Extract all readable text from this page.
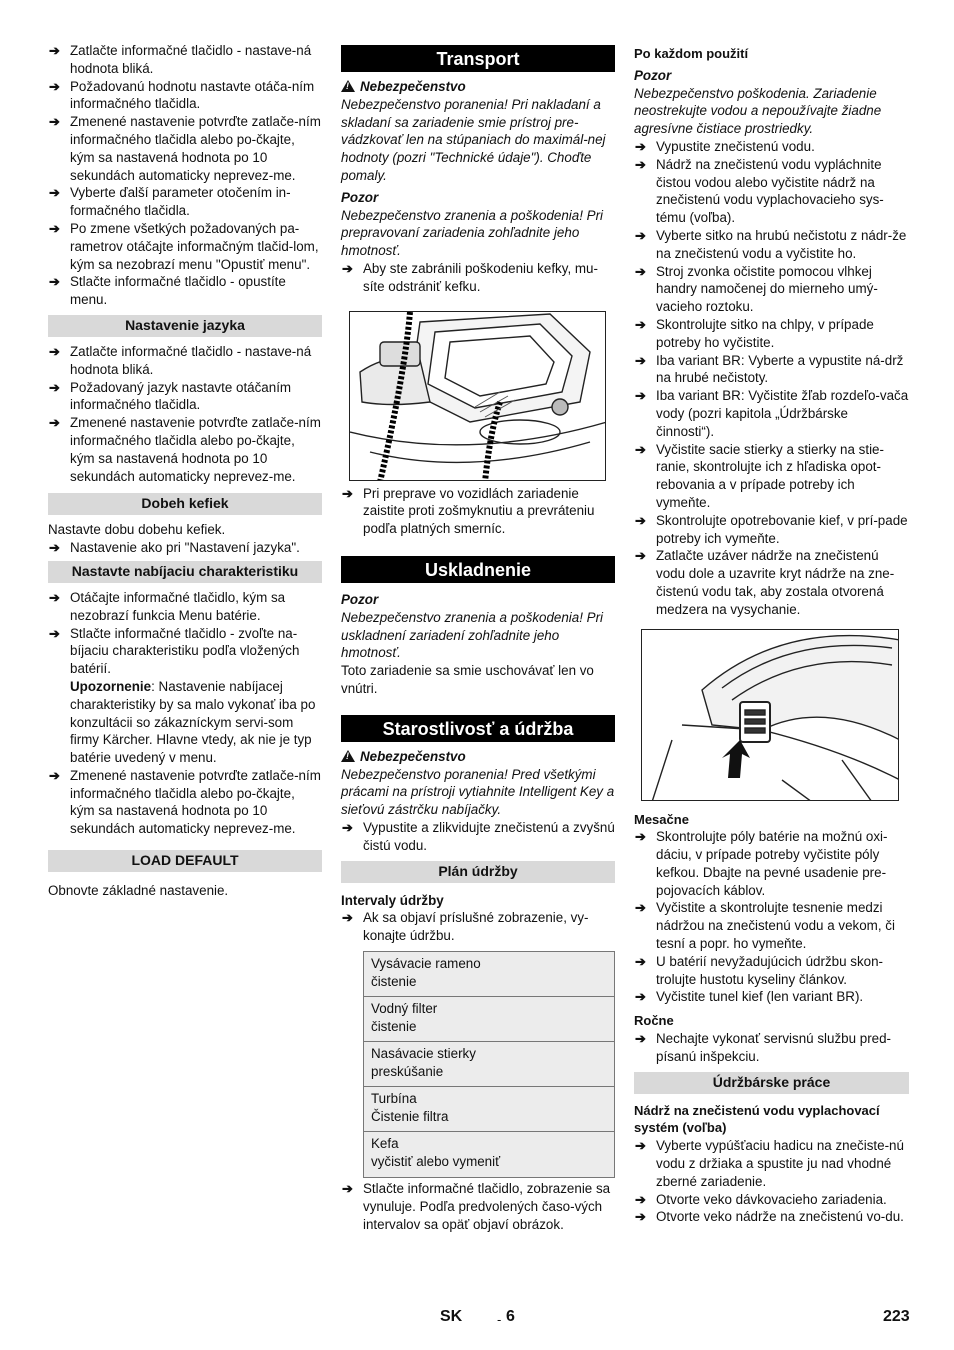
➔ Zatlačte informačné tlačidlo - nastave-ná hodnota bliká.

➔ Požadovanú hodnotu nastavte otáča-ním informačného tlačidla.

➔ Zmenené nastavenie potvrďte zatlače-ním informačného tlačidla alebo po-čkajte, kým sa nastavená hodnota po 10 sekundách automaticky neprevez-me.

➔ Vyberte ďalší parameter otočením in-formačného tlačidla.

➔ Po zmene všetkých požadovaných pa-rametrov otáčajte informačným tlačid-lom, kým sa nezobrazí menu "Opustiť menu".

➔ Stlačte informačné tlačidlo - opustíte menu.

Nastavenie jazyka

➔ Zatlačte informačné tlačidlo - nastave-ná hodnota bliká.

➔ Požadovaný jazyk nastavte otáčaním informačného tlačidla.

➔ Zmenené nastavenie potvrďte zatlače-ním informačného tlačidla alebo po-čkajte, kým sa nastavená hodnota po 10 sekundách automaticky neprevez-me.

Dobeh kefiek

Nastavte dobu dobehu kefiek.

➔ Nastavenie ako pri "Nastavení jazyka".

Nastavte nabíjaciu charakteristiku

➔ Otáčajte informačné tlačidlo, kým sa nezobrazí funkcia Menu batérie.

➔ Stlačte informačné tlačidlo - zvoľte na-bíjaciu charakteristiku podľa vložených batérií.

Upozornenie: Nastavenie nabíjacej charakteristiky by sa malo vykonať iba po konzultácii so zákazníckym servi-som firmy Kärcher. Hlavne vtedy, ak nie je typ batérie uvedený v menu.

➔ Zmenené nastavenie potvrďte zatlače-ním informačného tlačidla alebo po-čkajte, kým sa nastavená hodnota po 10 sekundách automaticky neprevez-me.

LOAD DEFAULT

Obnovte základné nastavenie.

Transport

!Nebezpečenstvo

Nebezpečenstvo poranenia! Pri nakladaní a skladaní sa zariadenie smie prístroj pre-vádzkovať len na stúpaniach do maximál-nej hodnoty (pozri "Technické údaje"). Choďte pomaly.

Pozor

Nebezpečenstvo zranenia a poškodenia! Pri prepravovaní zariadenia zohľadnite jeho hmotnosť.

➔ Aby ste zabránili poškodeniu kefky, mu-síte odstrániť kefku.

➔ Pri preprave vo vozidlách zariadenie zaistite proti zošmyknutiu a prevráteniu podľa platných smerníc.

Uskladnenie

Pozor

Nebezpečenstvo zranenia a poškodenia! Pri uskladnení zariadení zohľadnite jeho hmotnosť.

Toto zariadenie sa smie uschovávať len vo vnútri.

Starostlivosť a údržba

!Nebezpečenstvo

Nebezpečenstvo poranenia! Pred všetkými prácami na prístroji vytiahnite Intelligent Key a sieťovú zástrčku nabíjačky.

➔ Vypustite a zlikvidujte znečistenú a zvyšnú čistú vodu.

Plán údržby

Intervaly údržby

➔ Ak sa objaví príslušné zobrazenie, vy-konajte údržbu.

Vysávacie rameno
čistenie
Vodný filter
čistenie
Nasávacie stierky
preskúšanie
Turbína
Čistenie filtra
Kefa
vyčistiť alebo vymeniť

➔ Stlačte informačné tlačidlo, zobrazenie sa vynuluje. Podľa predvolených časo-vých intervalov sa opäť objaví obrázok.

Po každom použití

Pozor

Nebezpečenstvo poškodenia. Zariadenie neostrekujte vodou a nepoužívajte žiadne agresívne čistiace prostriedky.

➔ Vypustite znečistenú vodu.

➔ Nádrž na znečistenú vodu vypláchnite čistou vodou alebo vyčistite nádrž na znečistenú vodu vyplachovacieho sys-tému (voľba).

➔ Vyberte sitko na hrubú nečistotu z nádr-že na znečistenú vodu a vyčistite ho.

➔ Stroj zvonka očistite pomocou vlhkej handry namočenej do mierneho umý-vacieho roztoku.

➔ Skontrolujte sitko na chlpy, v prípade potreby ho vyčistite.

➔ Iba variant BR: Vyberte a vypustite ná-drž na hrubé nečistoty.

➔ Iba variant BR: Vyčistite žľab rozdeľo-vača vody (pozri kapitola „Údržbárske činnosti“).

➔ Vyčistite sacie stierky a stierky na stie-ranie, skontrolujte ich z hľadiska opot-rebovania a v prípade potreby ich vymeňte.

➔ Skontrolujte opotrebovanie kief, v prí-pade potreby ich vymeňte.

➔ Zatlačte uzáver nádrže na znečistenú vodu dole a uzavrite kryt nádrže na zne-čistenú vodu tak, aby zostala otvorená medzera na vysychanie.

Mesačne

➔ Skontrolujte póly batérie na možnú oxi-dáciu, v prípade potreby vyčistite póly kefkou. Dbajte na pevné usadenie pre-pojovacích káblov.

➔ Vyčistite a skontrolujte tesnenie medzi nádržou na znečistenú vodu a vekom, či tesní a popr. ho vymeňte.

➔ U batérií nevyžadujúcich údržbu skon-trolujte hustotu kyseliny článkov.

➔ Vyčistite tunel kief (len variant BR).

Ročne

➔ Nechajte vykonať servisnú službu pred-písanú inšpekciu.

Údržbárske práce

Nádrž na znečistenú vodu vyplachovací systém (voľba)

➔ Vyberte vypúšťaciu hadicu na znečiste-nú vodu z držiaka a spustite ju nad vhodné zberné zariadenie.

➔ Otvorte veko dávkovacieho zariadenia.

➔ Otvorte veko nádrže na znečistenú vo-du.

SK	- 6	223
